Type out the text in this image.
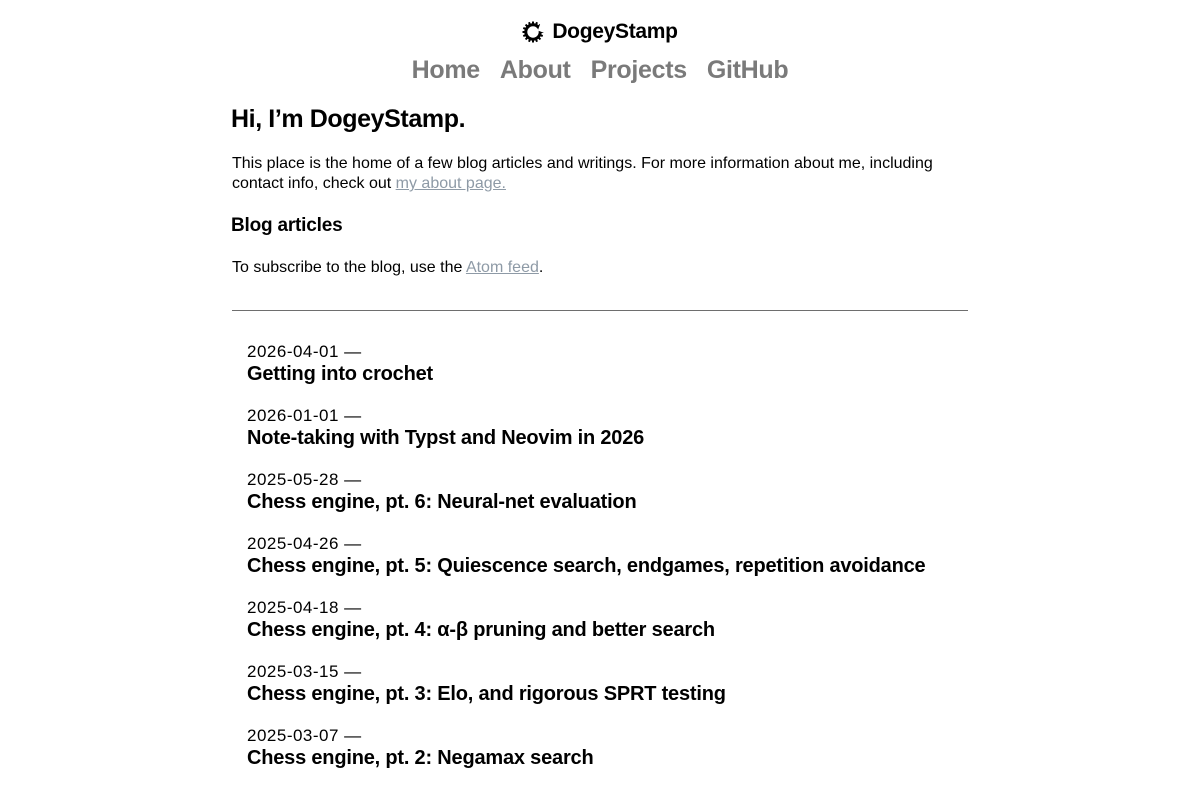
DogeyStamp
Home About Projects GitHub
Hi, I’m DogeyStamp.

This place is the home of a few blog articles and writings. For more information about me, including contact info, check out my about page.

Blog articles

To subscribe to the blog, use the Atom feed.

2026-04-01 —
Getting into crochet
2026-01-01 —
Note-taking with Typst and Neovim in 2026
2025-05-28 —
Chess engine, pt. 6: Neural-net evaluation
2025-04-26 —
Chess engine, pt. 5: Quiescence search, endgames, repetition avoidance
2025-04-18 —
Chess engine, pt. 4: α-β pruning and better search
2025-03-15 —
Chess engine, pt. 3: Elo, and rigorous SPRT testing
2025-03-07 —
Chess engine, pt. 2: Negamax search
